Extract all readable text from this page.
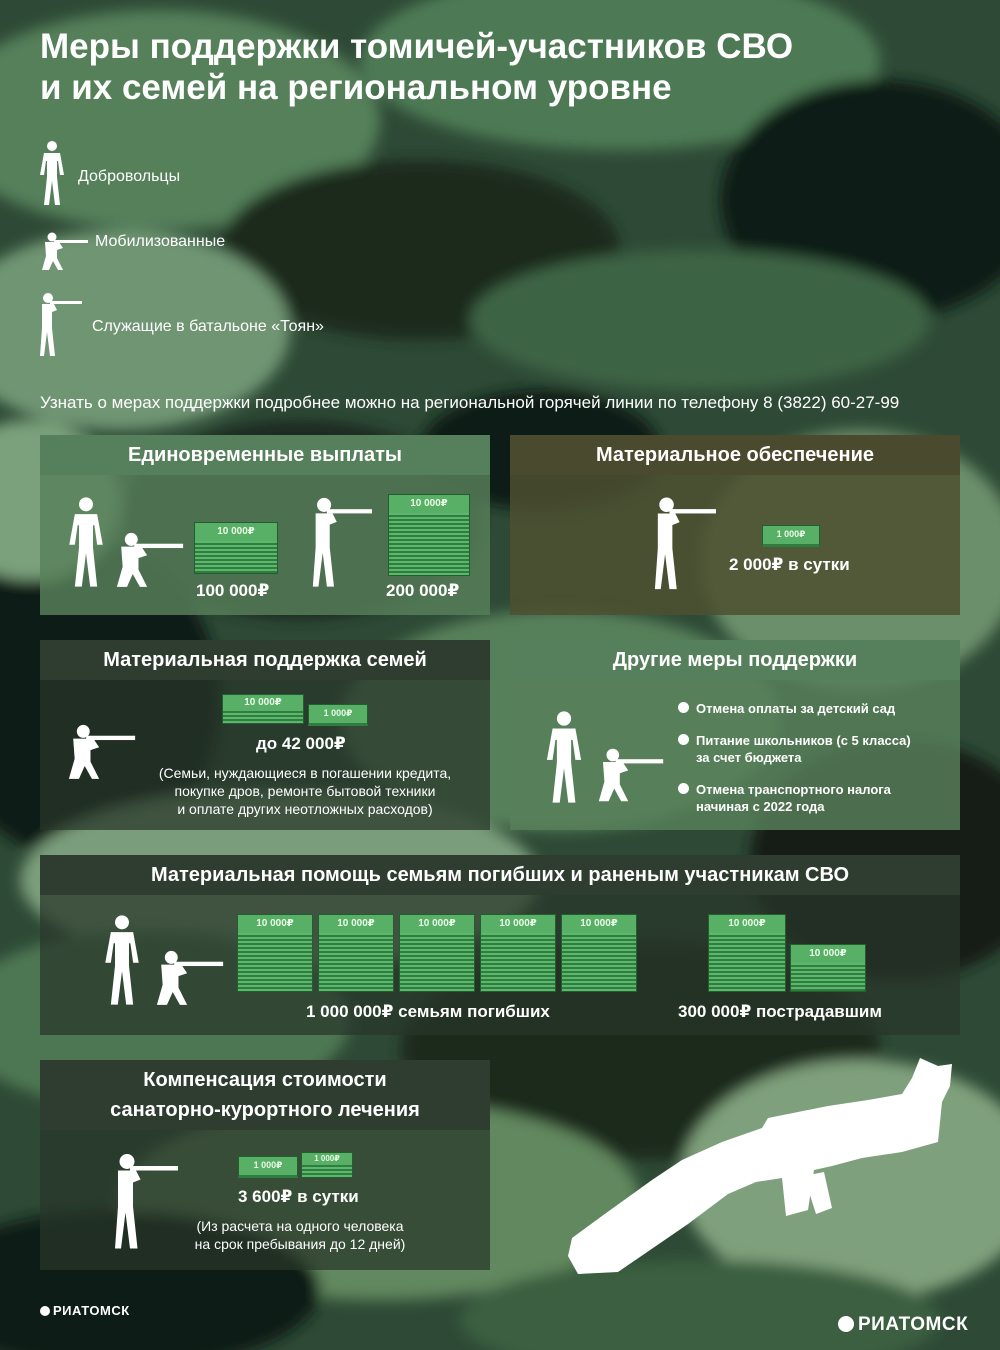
Меры поддержки томичей-участников СВО
и их семей на региональном уровне
Добровольцы
Мобилизованные
Служащие в батальоне «Тоян»
Узнать о мерах поддержки подробнее можно на региональной горячей линии по телефону 8 (3822) 60-27-99
Единовременные выплаты
10 000₽
100 000₽
10 000₽
200 000₽
Материальное обеспечение
1 000₽
2 000₽ в сутки
Материальная поддержка семей
10 000₽
1 000₽
до 42 000₽
(Семьи, нуждающиеся в погашении кредита,
покупке дров, ремонте бытовой техники
и оплате других неотложных расходов)
Другие меры поддержки
Отмена оплаты за детский сад
Питание школьников (с 5 класса)
за счет бюджета
Отмена транспортного налога
начиная с 2022 года
Материальная помощь семьям погибших и раненым участникам СВО
10 000₽	10 000₽	10 000₽	10 000₽	10 000₽
1 000 000₽ семьям погибших
10 000₽
10 000₽
300 000₽ пострадавшим
Компенсация стоимости
санаторно-курортного лечения
1 000₽
1 000₽
3 600₽ в сутки
(Из расчета на одного человека
на срок пребывания до 12 дней)
РИАТОМСК
РИАТОМСК
